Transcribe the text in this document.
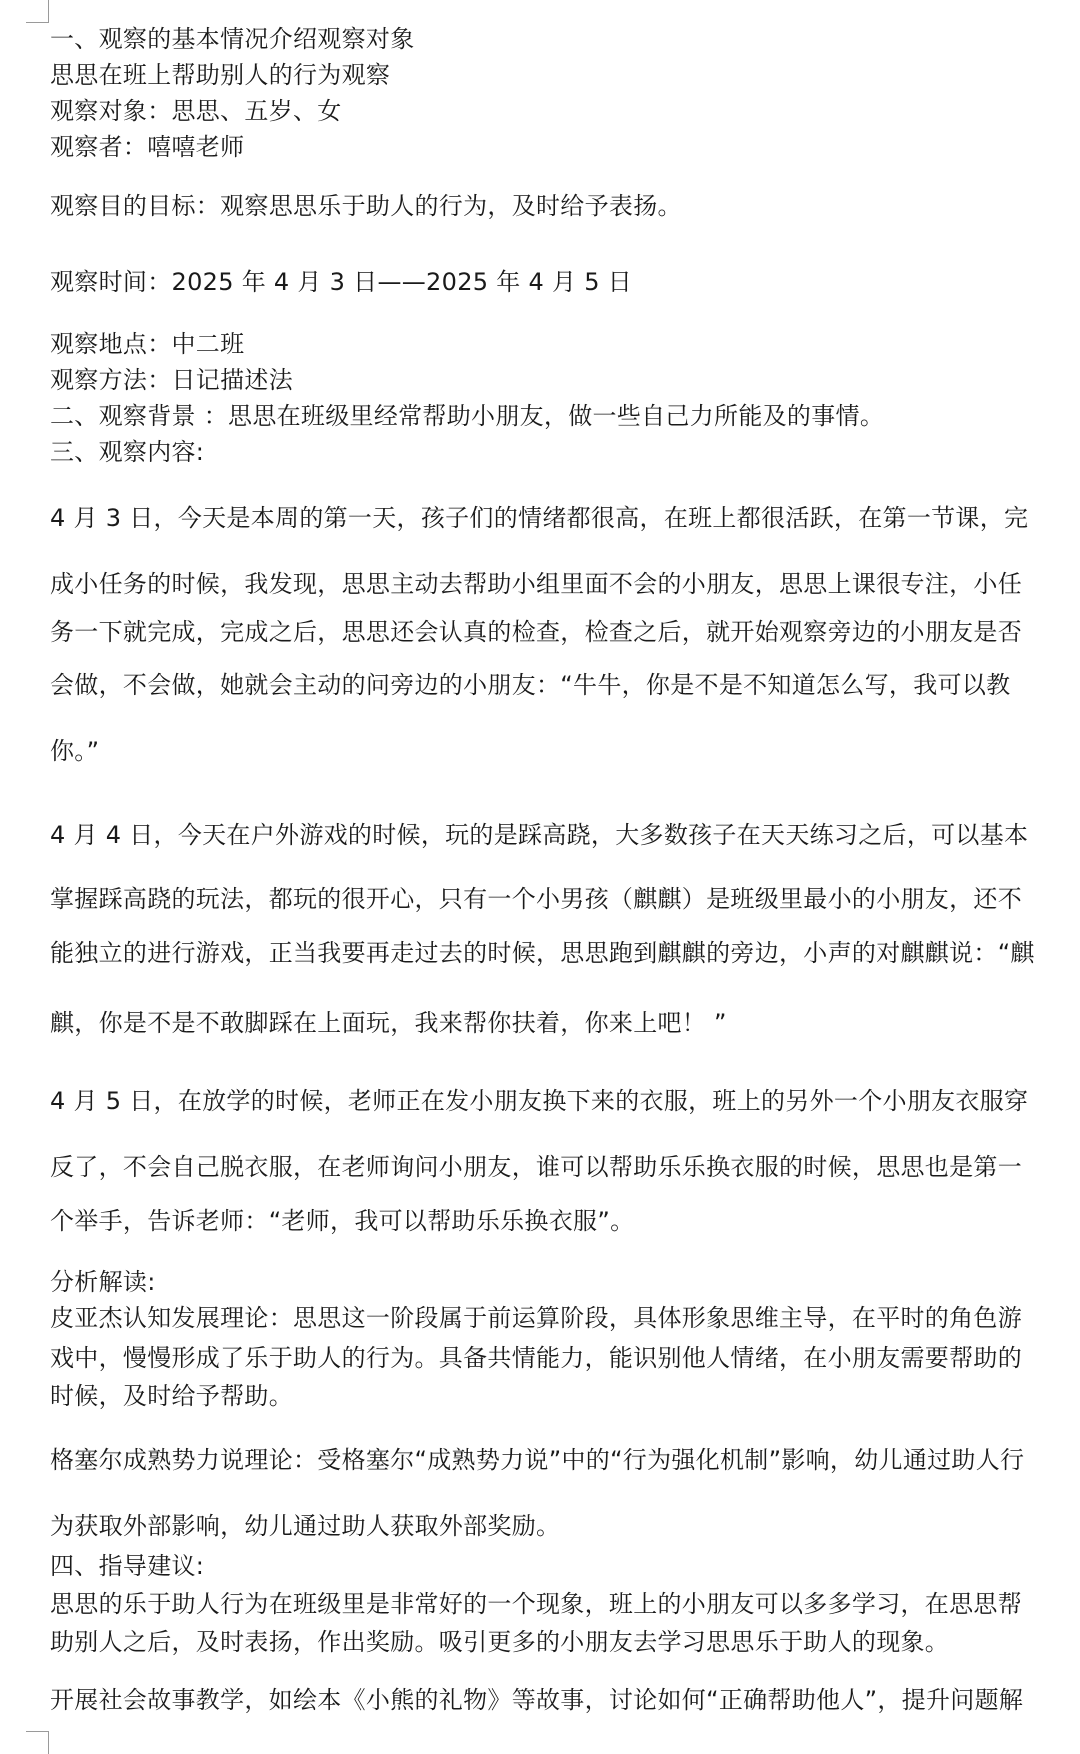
一、观察的基本情况介绍观察对象
思思在班上帮助别人的行为观察
观察对象：思思、五岁、女
观察者：嘻嘻老师
观察目的目标：观察思思乐于助人的行为，及时给予表扬。
观察时间：2025 年 4 月 3 日——2025 年 4 月 5 日
观察地点：中二班
观察方法：日记描述法
二、观察背景 ：思思在班级里经常帮助小朋友，做一些自己力所能及的事情。
三、观察内容:
4 月 3 日，今天是本周的第一天，孩子们的情绪都很高，在班上都很活跃，在第一节课，完
成小任务的时候，我发现，思思主动去帮助小组里面不会的小朋友，思思上课很专注，小任
务一下就完成，完成之后，思思还会认真的检查，检查之后，就开始观察旁边的小朋友是否
会做，不会做，她就会主动的问旁边的小朋友：“牛牛，你是不是不知道怎么写，我可以教
你。”
4 月 4 日，今天在户外游戏的时候，玩的是踩高跷，大多数孩子在天天练习之后，可以基本
掌握踩高跷的玩法，都玩的很开心，只有一个小男孩（麒麒）是班级里最小的小朋友，还不
能独立的进行游戏，正当我要再走过去的时候，思思跑到麒麒的旁边，小声的对麒麒说：“麒
麒，你是不是不敢脚踩在上面玩，我来帮你扶着，你来上吧！ ”
4 月 5 日，在放学的时候，老师正在发小朋友换下来的衣服，班上的另外一个小朋友衣服穿
反了，不会自己脱衣服，在老师询问小朋友，谁可以帮助乐乐换衣服的时候，思思也是第一
个举手，告诉老师：“老师，我可以帮助乐乐换衣服”。
分析解读:
皮亚杰认知发展理论：思思这一阶段属于前运算阶段，具体形象思维主导，在平时的角色游
戏中，慢慢形成了乐于助人的行为。具备共情能力，能识别他人情绪，在小朋友需要帮助的
时候，及时给予帮助。
格塞尔成熟势力说理论：受格塞尔“成熟势力说”中的“行为强化机制”影响，幼儿通过助人行
为获取外部影响，幼儿通过助人获取外部奖励。
四、指导建议:
思思的乐于助人行为在班级里是非常好的一个现象，班上的小朋友可以多多学习，在思思帮
助别人之后，及时表扬，作出奖励。吸引更多的小朋友去学习思思乐于助人的现象。
开展社会故事教学，如绘本《小熊的礼物》等故事，讨论如何“正确帮助他人”，提升问题解
